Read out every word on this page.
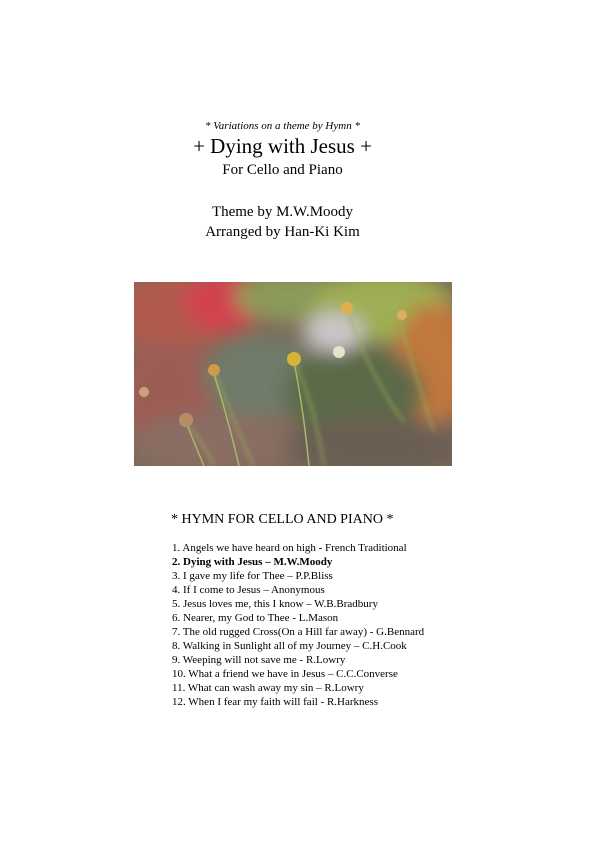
* Variations on a theme by Hymn *
+ Dying with Jesus +
For Cello and Piano
Theme by M.W.Moody
Arranged by Han-Ki Kim
* HYMN FOR CELLO AND PIANO *
1. Angels we have heard on high - French Traditional
2. Dying with Jesus – M.W.Moody
3. I gave my life for Thee – P.P.Bliss
4. If I come to Jesus – Anonymous
5. Jesus loves me, this I know – W.B.Bradbury
6. Nearer, my God to Thee - L.Mason
7. The old rugged Cross(On a Hill far away) - G.Bennard
8. Walking in Sunlight all of my Journey – C.H.Cook
9. Weeping will not save me - R.Lowry
10. What a friend we have in Jesus – C.C.Converse
11. What can wash away my sin – R.Lowry
12. When I fear my faith will fail - R.Harkness
